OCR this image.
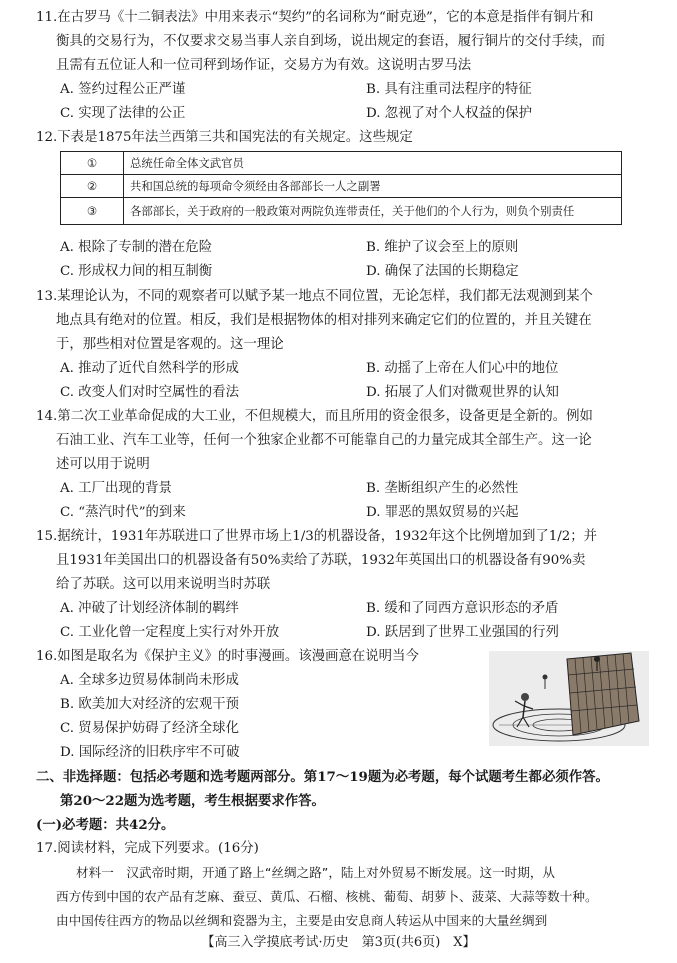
11.在古罗马《十二铜表法》中用来表示“契约”的名词称为“耐克逊”，它的本意是指伴有铜片和
衡具的交易行为，不仅要求交易当事人亲自到场，说出规定的套语，履行铜片的交付手续，而
且需有五位证人和一位司秤到场作证，交易方为有效。这说明古罗马法
A. 签约过程公正严谨	B. 具有注重司法程序的特征
C. 实现了法律的公正	D. 忽视了对个人权益的保护
12.下表是1875年法兰西第三共和国宪法的有关规定。这些规定
①	总统任命全体文武官员
②	共和国总统的每项命令须经由各部部长一人之副署
③	各部部长，关于政府的一般政策对两院负连带责任，关于他们的个人行为，则负个别责任
A. 根除了专制的潜在危险	B. 维护了议会至上的原则
C. 形成权力间的相互制衡	D. 确保了法国的长期稳定
13.某理论认为，不同的观察者可以赋予某一地点不同位置，无论怎样，我们都无法观测到某个
地点具有绝对的位置。相反，我们是根据物体的相对排列来确定它们的位置的，并且关键在
于，那些相对位置是客观的。这一理论
A. 推动了近代自然科学的形成	B. 动摇了上帝在人们心中的地位
C. 改变人们对时空属性的看法	D. 拓展了人们对微观世界的认知
14.第二次工业革命促成的大工业，不但规模大，而且所用的资金很多，设备更是全新的。例如
石油工业、汽车工业等，任何一个独家企业都不可能靠自己的力量完成其全部生产。这一论
述可以用于说明
A. 工厂出现的背景	B. 垄断组织产生的必然性
C. “蒸汽时代”的到来	D. 罪恶的黑奴贸易的兴起
15.据统计，1931年苏联进口了世界市场上1/3的机器设备，1932年这个比例增加到了1/2；并
且1931年美国出口的机器设备有50%卖给了苏联，1932年英国出口的机器设备有90%卖
给了苏联。这可以用来说明当时苏联
A. 冲破了计划经济体制的羁绊	B. 缓和了同西方意识形态的矛盾
C. 工业化曾一定程度上实行对外开放	D. 跃居到了世界工业强国的行列
16.如图是取名为《保护主义》的时事漫画。该漫画意在说明当今
A. 全球多边贸易体制尚未形成
B. 欧美加大对经济的宏观干预
C. 贸易保护妨碍了经济全球化
D. 国际经济的旧秩序牢不可破
二、非选择题：包括必考题和选考题两部分。第17～19题为必考题，每个试题考生都必须作答。
第20～22题为选考题，考生根据要求作答。
(一)必考题：共42分。
17.阅读材料，完成下列要求。(16分)
材料一　汉武帝时期，开通了路上“丝绸之路”，陆上对外贸易不断发展。这一时期，从
西方传到中国的农产品有芝麻、蚕豆、黄瓜、石榴、核桃、葡萄、胡萝卜、菠菜、大蒜等数十种。
由中国传往西方的物品以丝绸和瓷器为主，主要是由安息商人转运从中国来的大量丝绸到
【高三入学摸底考试·历史　第3页(共6页)　X】
